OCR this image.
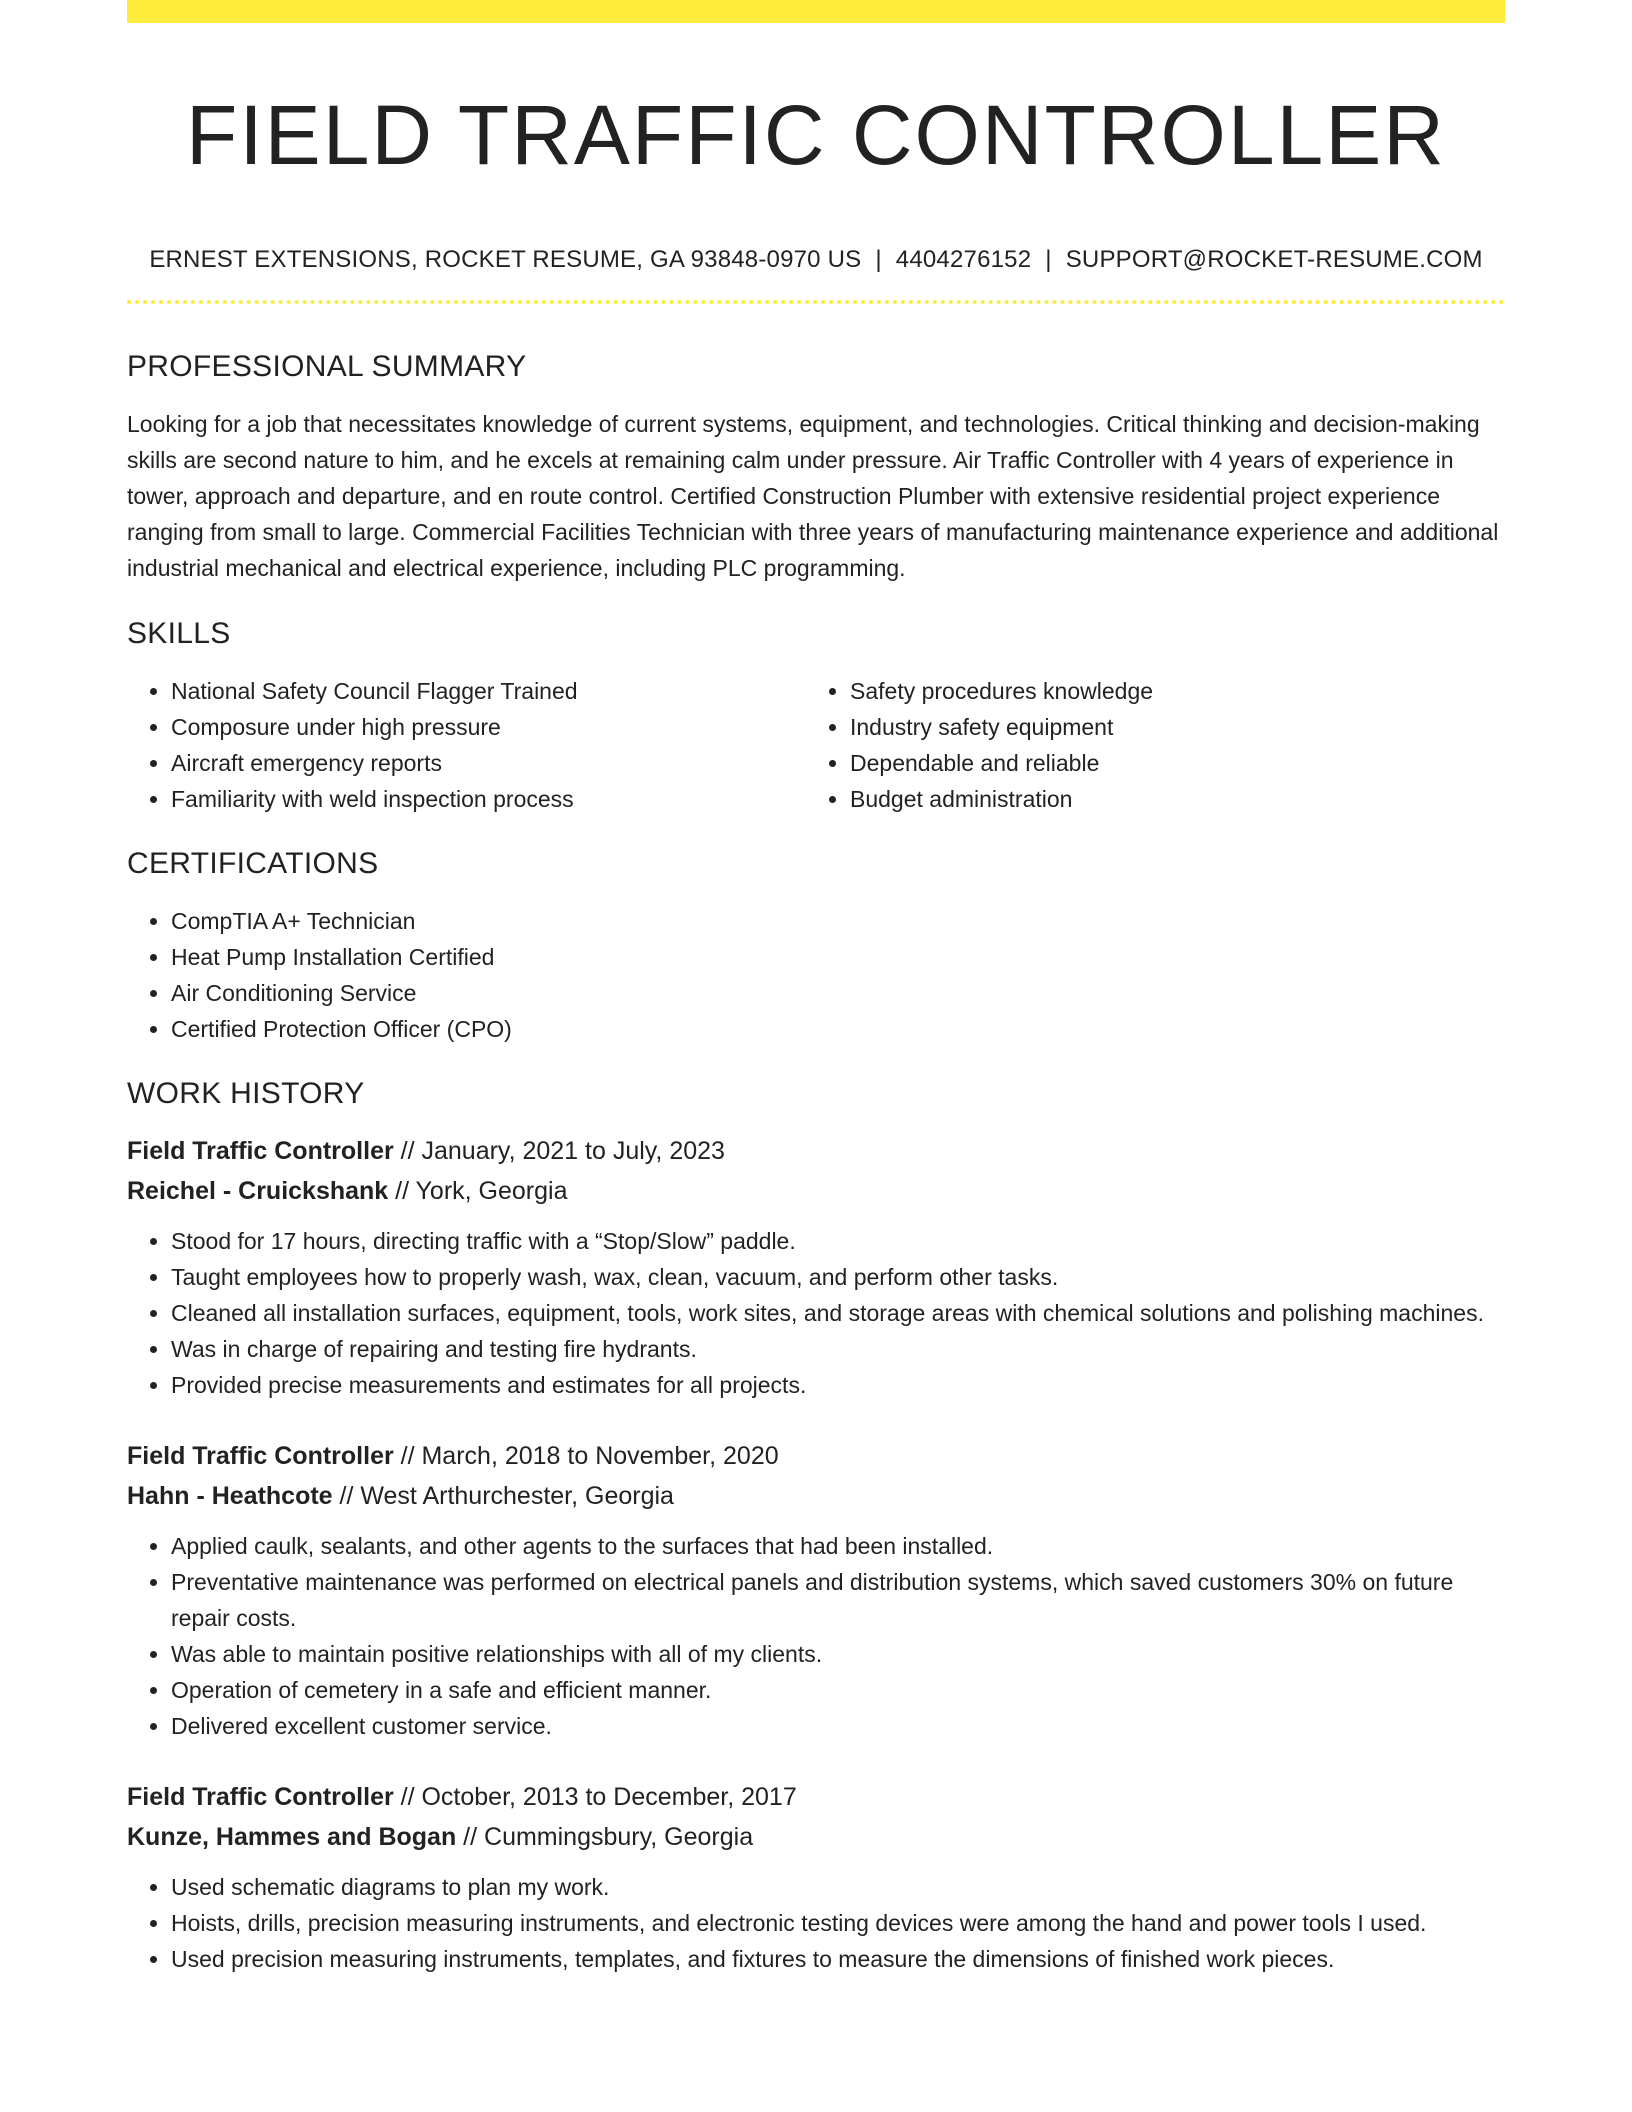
FIELD TRAFFIC CONTROLLER
ERNEST EXTENSIONS, ROCKET RESUME, GA 93848-0970 US | 4404276152 | SUPPORT@ROCKET-RESUME.COM
PROFESSIONAL SUMMARY

Looking for a job that necessitates knowledge of current systems, equipment, and technologies. Critical thinking and decision-making skills are second nature to him, and he excels at remaining calm under pressure. Air Traffic Controller with 4 years of experience in tower, approach and departure, and en route control. Certified Construction Plumber with extensive residential project experience ranging from small to large. Commercial Facilities Technician with three years of manufacturing maintenance experience and additional industrial mechanical and electrical experience, including PLC programming.

SKILLS
• National Safety Council Flagger Trained
• Composure under high pressure
• Aircraft emergency reports
• Familiarity with weld inspection process
• Safety procedures knowledge
• Industry safety equipment
• Dependable and reliable
• Budget administration
CERTIFICATIONS
• CompTIA A+ Technician
• Heat Pump Installation Certified
• Air Conditioning Service
• Certified Protection Officer (CPO)
WORK HISTORY
Field Traffic Controller // January, 2021 to July, 2023
Reichel - Cruickshank // York, Georgia
• Stood for 17 hours, directing traffic with a “Stop/Slow” paddle.
• Taught employees how to properly wash, wax, clean, vacuum, and perform other tasks.
• Cleaned all installation surfaces, equipment, tools, work sites, and storage areas with chemical solutions and polishing machines.
• Was in charge of repairing and testing fire hydrants.
• Provided precise measurements and estimates for all projects.
Field Traffic Controller // March, 2018 to November, 2020
Hahn - Heathcote // West Arthurchester, Georgia
• Applied caulk, sealants, and other agents to the surfaces that had been installed.
• Preventative maintenance was performed on electrical panels and distribution systems, which saved customers 30% on future repair costs.
• Was able to maintain positive relationships with all of my clients.
• Operation of cemetery in a safe and efficient manner.
• Delivered excellent customer service.
Field Traffic Controller // October, 2013 to December, 2017
Kunze, Hammes and Bogan // Cummingsbury, Georgia
• Used schematic diagrams to plan my work.
• Hoists, drills, precision measuring instruments, and electronic testing devices were among the hand and power tools I used.
• Used precision measuring instruments, templates, and fixtures to measure the dimensions of finished work pieces.
